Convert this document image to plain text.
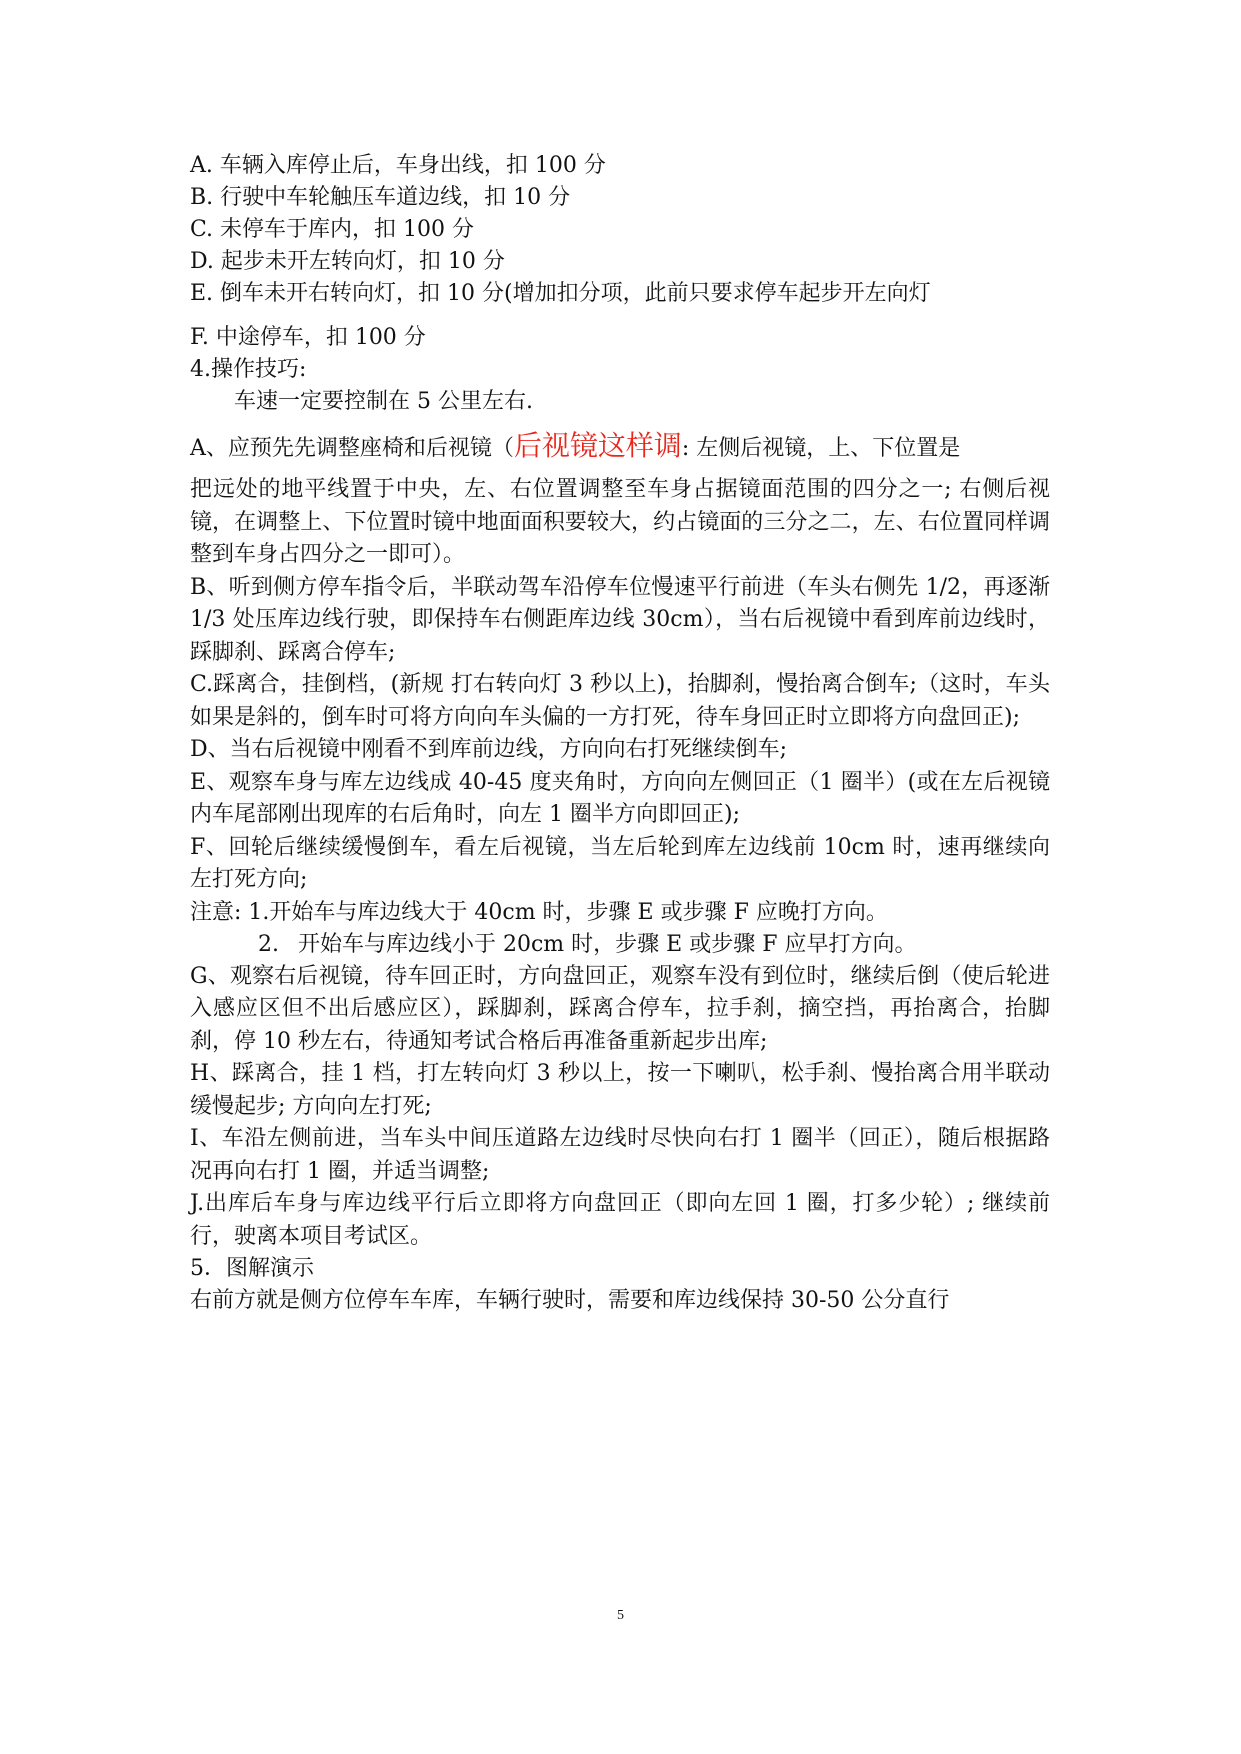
A. 车辆入库停止后，车身出线，扣 100 分
B. 行驶中车轮触压车道边线，扣 10 分
C. 未停车于库内，扣 100 分
D. 起步未开左转向灯，扣 10 分
E. 倒车未开右转向灯，扣 10 分(增加扣分项，此前只要求停车起步开左向灯
F. 中途停车，扣 100 分
4.操作技巧:
车速一定要控制在 5 公里左右.
A、应预先先调整座椅和后视镜（后视镜这样调: 左侧后视镜，上、下位置是
把远处的地平线置于中央，左、右位置调整至车身占据镜面范围的四分之一; 右侧后视镜，在调整上、下位置时镜中地面面积要较大，约占镜面的三分之二，左、右位置同样调整到车身占四分之一即可）。
B、听到侧方停车指令后，半联动驾车沿停车位慢速平行前进（车头右侧先 1/2，再逐渐 1/3 处压库边线行驶，即保持车右侧距库边线 30cm），当右后视镜中看到库前边线时，踩脚刹、踩离合停车;
C.踩离合，挂倒档，(新规 打右转向灯 3 秒以上)，抬脚刹，慢抬离合倒车;（这时，车头如果是斜的，倒车时可将方向向车头偏的一方打死，待车身回正时立即将方向盘回正);
D、当右后视镜中刚看不到库前边线，方向向右打死继续倒车;
E、观察车身与库左边线成 40-45 度夹角时，方向向左侧回正（1 圈半）(或在左后视镜内车尾部刚出现库的右后角时，向左 1 圈半方向即回正);
F、回轮后继续缓慢倒车，看左后视镜，当左后轮到库左边线前 10cm 时，速再继续向左打死方向;
注意: 1.开始车与库边线大于 40cm 时，步骤 E 或步骤 F 应晚打方向。
2. 开始车与库边线小于 20cm 时，步骤 E 或步骤 F 应早打方向。
G、观察右后视镜，待车回正时，方向盘回正，观察车没有到位时，继续后倒（使后轮进入感应区但不出后感应区），踩脚刹，踩离合停车，拉手刹，摘空挡，再抬离合，抬脚刹，停 10 秒左右，待通知考试合格后再准备重新起步出库;
H、踩离合，挂 1 档，打左转向灯 3 秒以上，按一下喇叭，松手刹、慢抬离合用半联动缓慢起步; 方向向左打死;
I、车沿左侧前进，当车头中间压道路左边线时尽快向右打 1 圈半（回正），随后根据路况再向右打 1 圈，并适当调整;
J.出库后车身与库边线平行后立即将方向盘回正（即向左回 1 圈，打多少轮）; 继续前行，驶离本项目考试区。
5．图解演示
右前方就是侧方位停车车库，车辆行驶时，需要和库边线保持 30-50 公分直行
5
